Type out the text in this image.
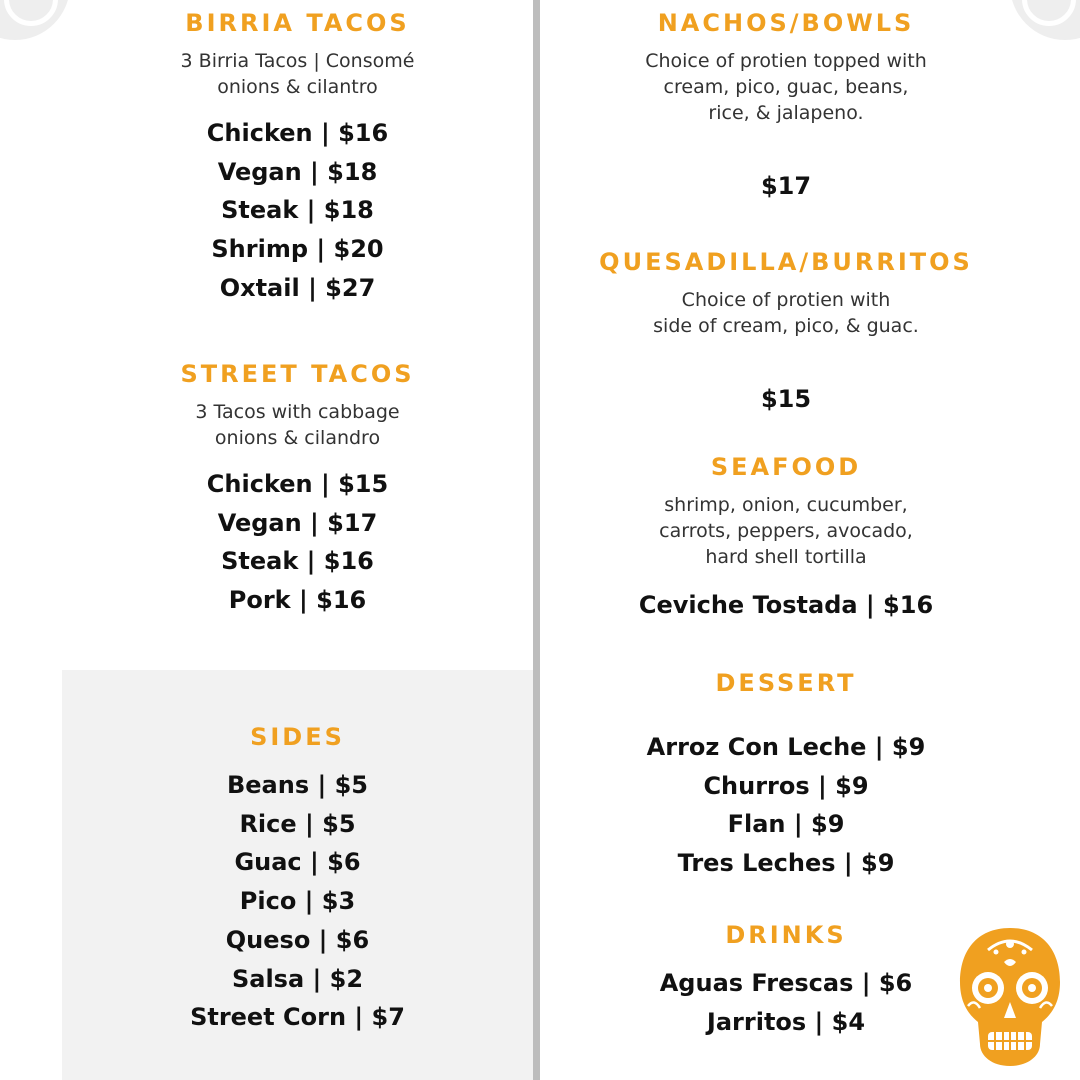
BIRRIA TACOS

3 Birria Tacos | Consomé
onions & cilantro

Chicken | $16
Vegan | $18
Steak | $18
Shrimp | $20
Oxtail | $27
STREET TACOS

3 Tacos with cabbage
onions & cilandro

Chicken | $15
Vegan | $17
Steak | $16
Pork | $16
SIDES
Beans | $5
Rice | $5
Guac | $6
Pico | $3
Queso | $6
Salsa | $2
Street Corn | $7
NACHOS/BOWLS

Choice of protien topped with
cream, pico, guac, beans,
rice, & jalapeno.

$17
QUESADILLA/BURRITOS

Choice of protien with
side of cream, pico, & guac.

$15
SEAFOOD

shrimp, onion, cucumber,
carrots, peppers, avocado,
hard shell tortilla

Ceviche Tostada | $16
DESSERT
Arroz Con Leche | $9
Churros | $9
Flan | $9
Tres Leches | $9
DRINKS
Aguas Frescas | $6
Jarritos | $4
